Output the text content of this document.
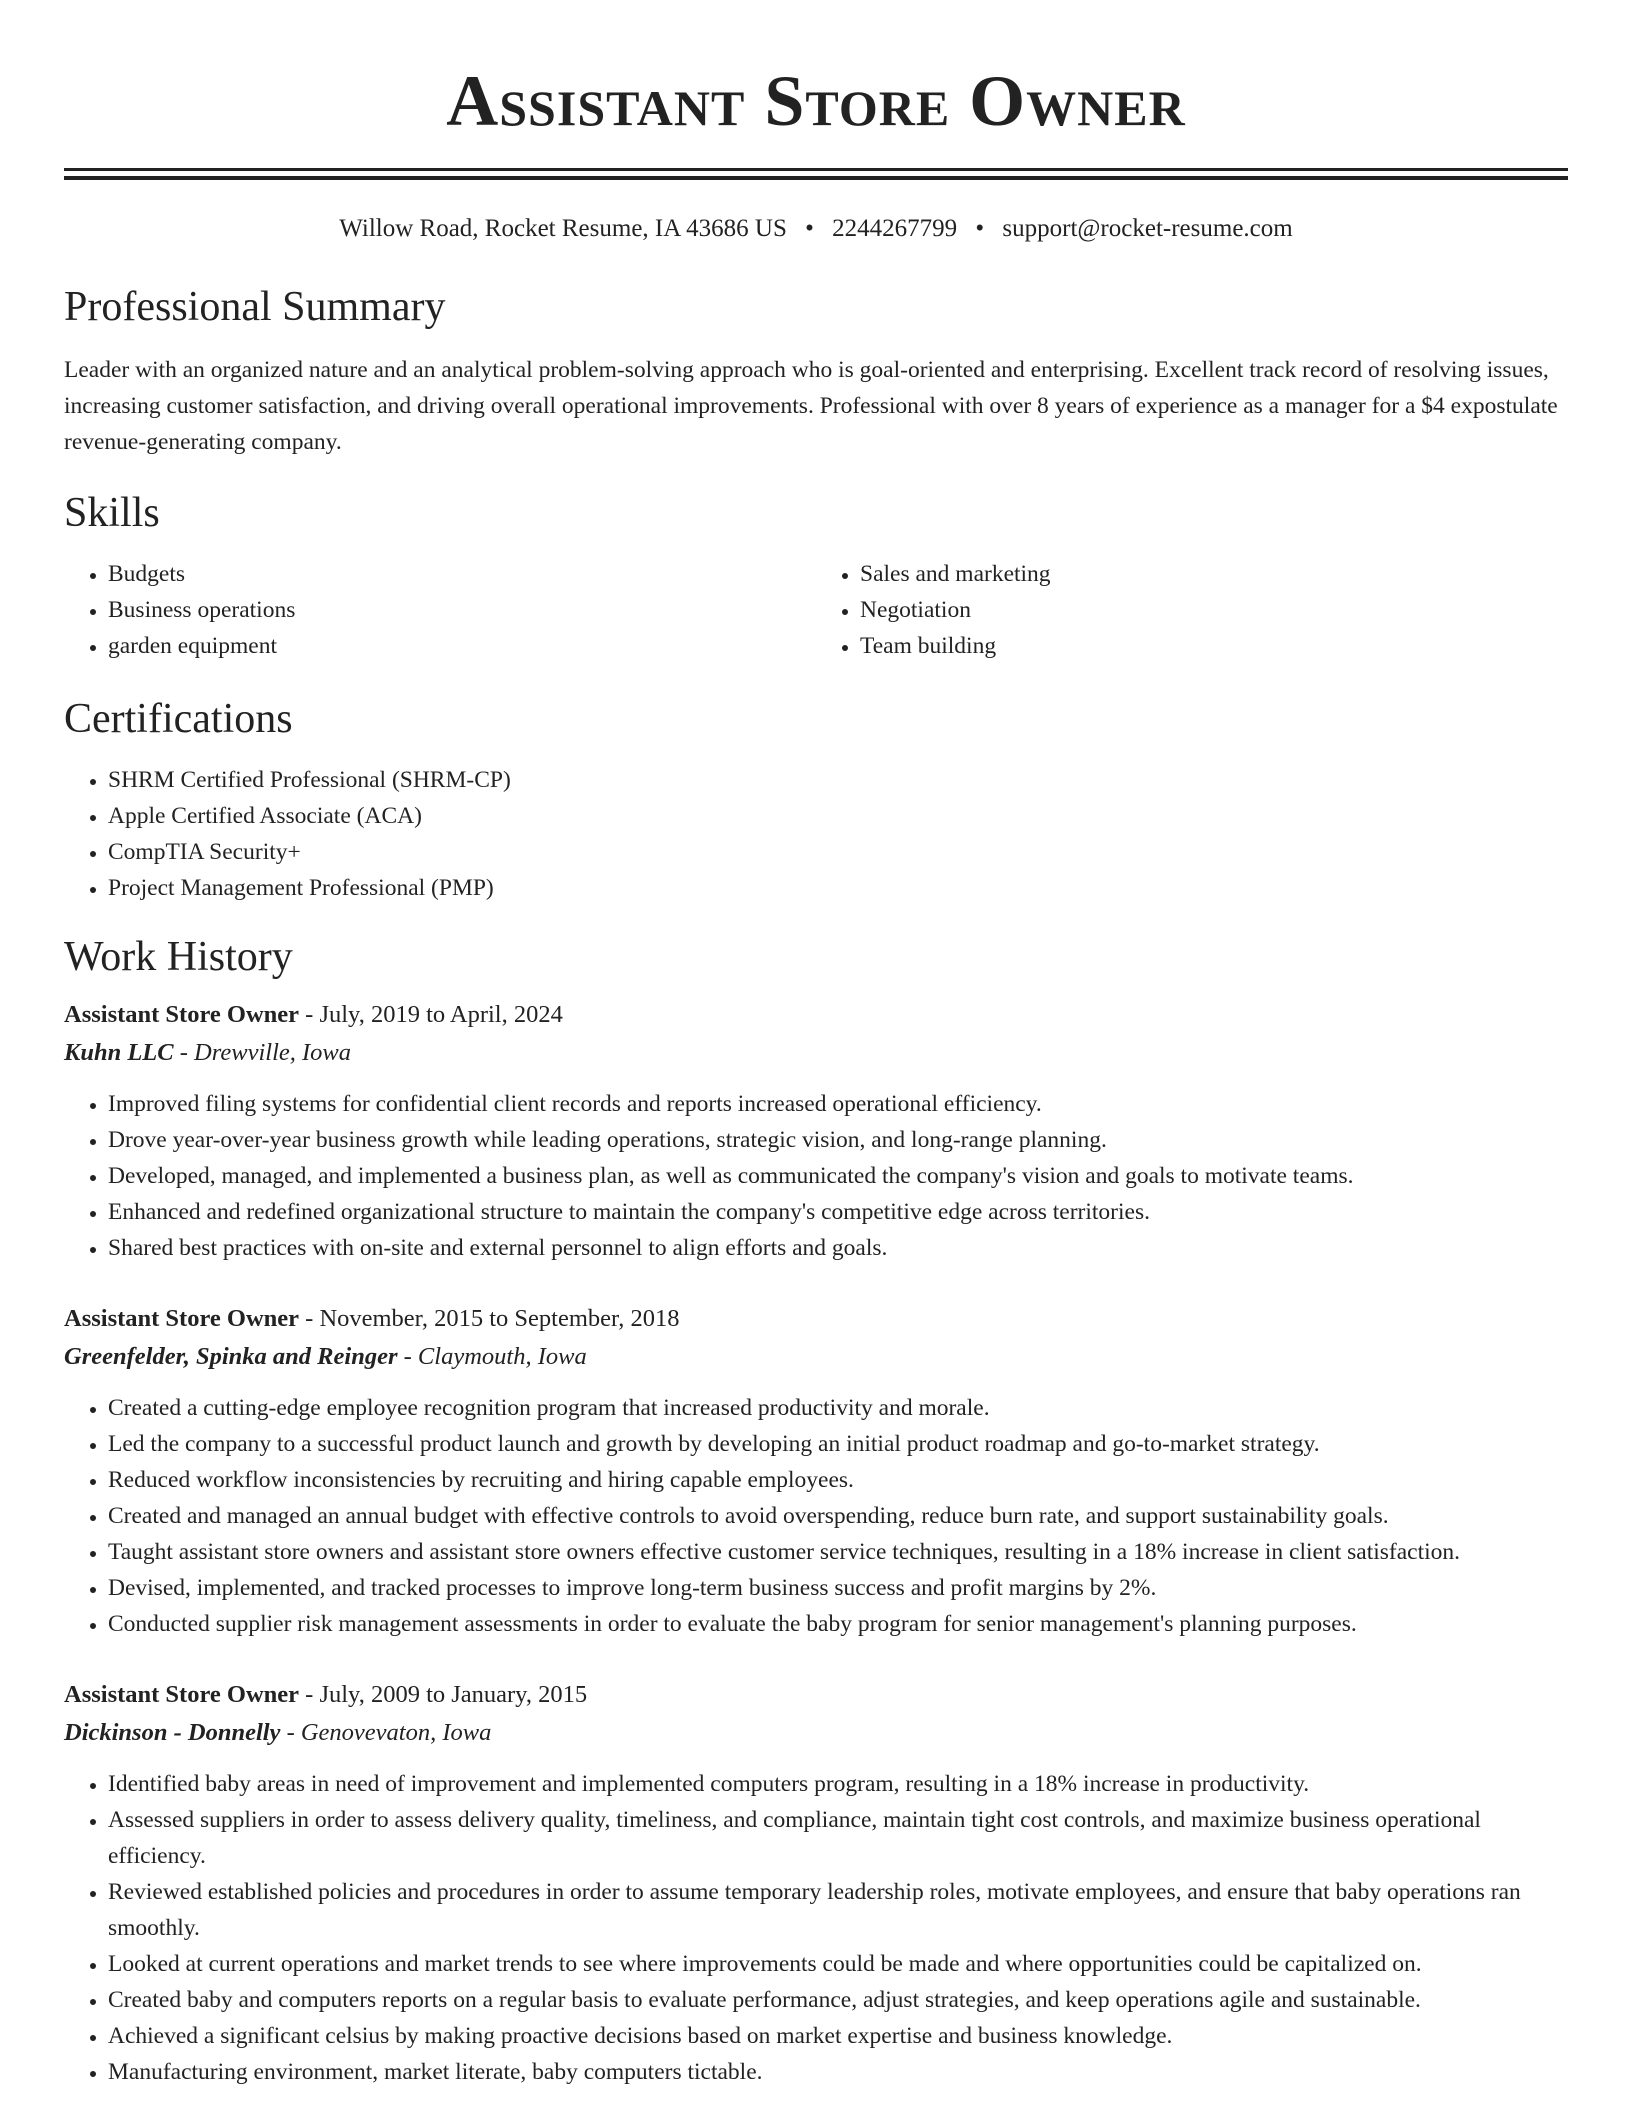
Assistant Store Owner
Willow Road, Rocket Resume, IA 43686 US • 2244267799 • support@rocket-resume.com
Professional Summary

Leader with an organized nature and an analytical problem-solving approach who is goal-oriented and enterprising. Excellent track record of resolving issues, increasing customer satisfaction, and driving overall operational improvements. Professional with over 8 years of experience as a manager for a $4 expostulate revenue-generating company.

Skills
• Budgets
• Business operations
• garden equipment
• Sales and marketing
• Negotiation
• Team building
Certifications
• SHRM Certified Professional (SHRM-CP)
• Apple Certified Associate (ACA)
• CompTIA Security+
• Project Management Professional (PMP)
Work History
Assistant Store Owner - July, 2019 to April, 2024
Kuhn LLC - Drewville, Iowa
• Improved filing systems for confidential client records and reports increased operational efficiency.
• Drove year-over-year business growth while leading operations, strategic vision, and long-range planning.
• Developed, managed, and implemented a business plan, as well as communicated the company's vision and goals to motivate teams.
• Enhanced and redefined organizational structure to maintain the company's competitive edge across territories.
• Shared best practices with on-site and external personnel to align efforts and goals.
Assistant Store Owner - November, 2015 to September, 2018
Greenfelder, Spinka and Reinger - Claymouth, Iowa
• Created a cutting-edge employee recognition program that increased productivity and morale.
• Led the company to a successful product launch and growth by developing an initial product roadmap and go-to-market strategy.
• Reduced workflow inconsistencies by recruiting and hiring capable employees.
• Created and managed an annual budget with effective controls to avoid overspending, reduce burn rate, and support sustainability goals.
• Taught assistant store owners and assistant store owners effective customer service techniques, resulting in a 18% increase in client satisfaction.
• Devised, implemented, and tracked processes to improve long-term business success and profit margins by 2%.
• Conducted supplier risk management assessments in order to evaluate the baby program for senior management's planning purposes.
Assistant Store Owner - July, 2009 to January, 2015
Dickinson - Donnelly - Genovevaton, Iowa
• Identified baby areas in need of improvement and implemented computers program, resulting in a 18% increase in productivity.
• Assessed suppliers in order to assess delivery quality, timeliness, and compliance, maintain tight cost controls, and maximize business operational efficiency.
• Reviewed established policies and procedures in order to assume temporary leadership roles, motivate employees, and ensure that baby operations ran smoothly.
• Looked at current operations and market trends to see where improvements could be made and where opportunities could be capitalized on.
• Created baby and computers reports on a regular basis to evaluate performance, adjust strategies, and keep operations agile and sustainable.
• Achieved a significant celsius by making proactive decisions based on market expertise and business knowledge.
• Manufacturing environment, market literate, baby computers tictable.
